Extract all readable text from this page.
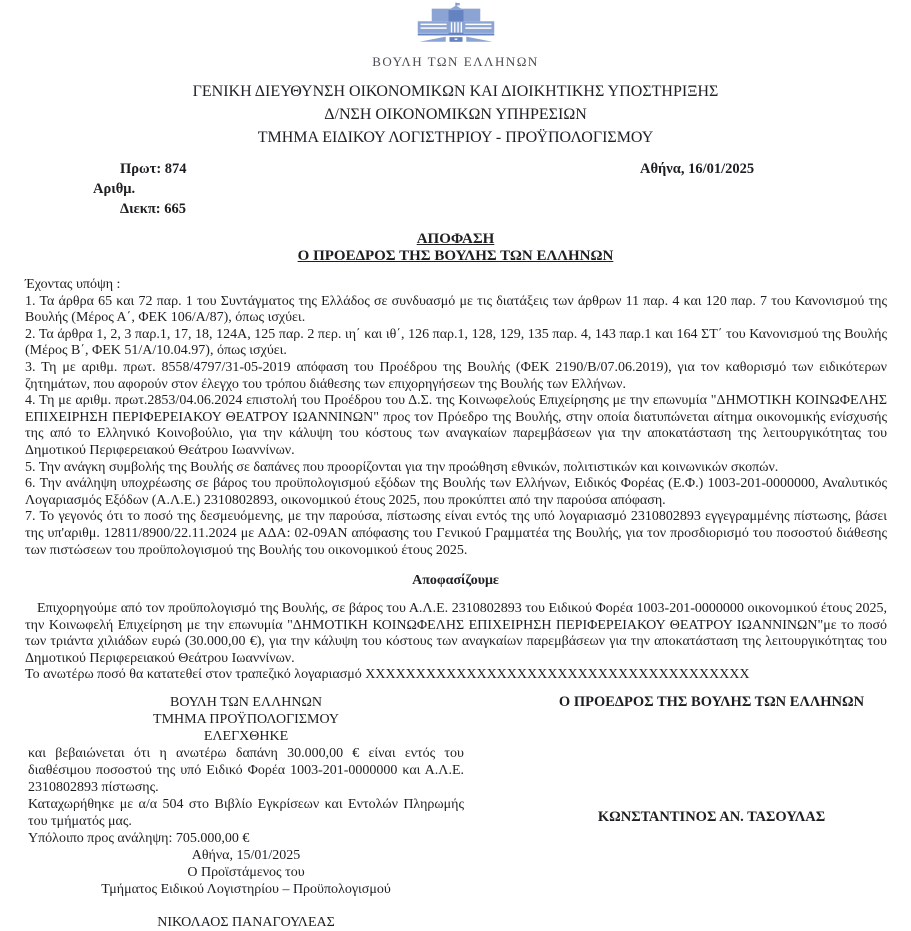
ΒΟΥΛΗ ΤΩΝ ΕΛΛΗΝΩΝ
ΓΕΝΙΚΗ ΔΙΕΥΘΥΝΣΗ ΟΙΚΟΝΟΜΙΚΩΝ ΚΑΙ ΔΙΟΙΚΗΤΙΚΗΣ ΥΠΟΣΤΗΡΙΞΗΣ
Δ/ΝΣΗ ΟΙΚΟΝΟΜΙΚΩΝ ΥΠΗΡΕΣΙΩΝ
ΤΜΗΜΑ ΕΙΔΙΚΟΥ ΛΟΓΙΣΤΗΡΙΟΥ - ΠΡΟΫΠΟΛΟΓΙΣΜΟΥ
Πρωτ: 874	Αθήνα, 16/01/2025
Αριθμ.
Διεκπ: 665
ΑΠΟΦΑΣΗ
Ο ΠΡΟΕΔΡΟΣ ΤΗΣ ΒΟΥΛΗΣ ΤΩΝ ΕΛΛΗΝΩΝ

Έχοντας υπόψη :

1. Τα άρθρα 65 και 72 παρ. 1 του Συντάγματος της Ελλάδος σε συνδυασμό με τις διατάξεις των άρθρων 11 παρ. 4 και 120 παρ. 7 του Κανονισμού της Βουλής (Μέρος Α΄, ΦΕΚ 106/Α/87), όπως ισχύει.

2. Τα άρθρα 1, 2, 3 παρ.1, 17, 18, 124Α, 125 παρ. 2 περ. ιη΄ και ιθ΄, 126 παρ.1, 128, 129, 135 παρ. 4, 143 παρ.1 και 164 ΣΤ΄ του Κανονισμού της Βουλής (Μέρος Β΄, ΦΕΚ 51/Α/10.04.97), όπως ισχύει.

3. Τη με αριθμ. πρωτ. 8558/4797/31-05-2019 απόφαση του Προέδρου της Βουλής (ΦΕΚ 2190/Β/07.06.2019), για τον καθορισμό των ειδικότερων ζητημάτων, που αφορούν στον έλεγχο του τρόπου διάθεσης των επιχορηγήσεων της Βουλής των Ελλήνων.

4. Τη με αριθμ. πρωτ.2853/04.06.2024 επιστολή του Προέδρου του Δ.Σ. της Κοινωφελούς Επιχείρησης με την επωνυμία "ΔΗΜΟΤΙΚΗ ΚΟΙΝΩΦΕΛΗΣ ΕΠΙΧΕΙΡΗΣΗ ΠΕΡΙΦΕΡΕΙΑΚΟΥ ΘΕΑΤΡΟΥ ΙΩΑΝΝΙΝΩΝ" προς τον Πρόεδρο της Βουλής, στην οποία διατυπώνεται αίτημα οικονομικής ενίσχυσής της από το Ελληνικό Κοινοβούλιο, για την κάλυψη του κόστους των αναγκαίων παρεμβάσεων για την αποκατάσταση της λειτουργικότητας του Δημοτικού Περιφερειακού Θεάτρου Ιωαννίνων.

5. Την ανάγκη συμβολής της Βουλής σε δαπάνες που προορίζονται για την προώθηση εθνικών, πολιτιστικών και κοινωνικών σκοπών.

6. Την ανάληψη υποχρέωσης σε βάρος του προϋπολογισμού εξόδων της Βουλής των Ελλήνων, Ειδικός Φορέας (Ε.Φ.) 1003-201-0000000, Αναλυτικός Λογαριασμός Εξόδων (Α.Λ.Ε.) 2310802893, οικονομικού έτους 2025, που προκύπτει από την παρούσα απόφαση.

7. Το γεγονός ότι το ποσό της δεσμευόμενης, με την παρούσα, πίστωσης είναι εντός της υπό λογαριασμό 2310802893 εγγεγραμμένης πίστωσης, βάσει της υπ'αριθμ. 12811/8900/22.11.2024 με ΑΔΑ: 02-09ΑΝ απόφασης του Γενικού Γραμματέα της Βουλής, για τον προσδιορισμό του ποσοστού διάθεσης των πιστώσεων του προϋπολογισμού της Βουλής του οικονομικού έτους 2025.

Αποφασίζουμε

Επιχορηγούμε από τον προϋπολογισμό της Βουλής, σε βάρος του Α.Λ.Ε. 2310802893 του Ειδικού Φορέα 1003-201-0000000 οικονομικού έτους 2025, την Κοινωφελή Επιχείρηση με την επωνυμία "ΔΗΜΟΤΙΚΗ ΚΟΙΝΩΦΕΛΗΣ ΕΠΙΧΕΙΡΗΣΗ ΠΕΡΙΦΕΡΕΙΑΚΟΥ ΘΕΑΤΡΟΥ ΙΩΑΝΝΙΝΩΝ"με το ποσό των τριάντα χιλιάδων ευρώ (30.000,00 €), για την κάλυψη του κόστους των αναγκαίων παρεμβάσεων για την αποκατάσταση της λειτουργικότητας του Δημοτικού Περιφερειακού Θεάτρου Ιωαννίνων.

Το ανωτέρω ποσό θα κατατεθεί στον τραπεζικό λογαριασμό ΧΧΧΧΧΧΧΧΧΧΧΧΧΧΧΧΧΧΧΧΧΧΧΧΧΧΧΧΧΧΧΧΧΧΧΧΧΧ

ΒΟΥΛΗ ΤΩΝ ΕΛΛΗΝΩΝ
ΤΜΗΜΑ ΠΡΟΫΠΟΛΟΓΙΣΜΟΥ
ΕΛΕΓΧΘΗΚΕ

και βεβαιώνεται ότι η ανωτέρω δαπάνη 30.000,00 € είναι εντός του διαθέσιμου ποσοστού της υπό Ειδικό Φορέα 1003-201-0000000 και Α.Λ.Ε. 2310802893 πίστωσης.

Καταχωρήθηκε με α/α 504 στο Βιβλίο Εγκρίσεων και Εντολών Πληρωμής του τμήματός μας.

Υπόλοιπο προς ανάληψη: 705.000,00 €

Αθήνα, 15/01/2025
Ο Προϊστάμενος του
Τμήματος Ειδικού Λογιστηρίου – Προϋπολογισμού
ΝΙΚΟΛΑΟΣ ΠΑΝΑΓΟΥΛΕΑΣ
Ο ΠΡΟΕΔΡΟΣ ΤΗΣ ΒΟΥΛΗΣ ΤΩΝ ΕΛΛΗΝΩΝ
ΚΩΝΣΤΑΝΤΙΝΟΣ ΑΝ. ΤΑΣΟΥΛΑΣ
